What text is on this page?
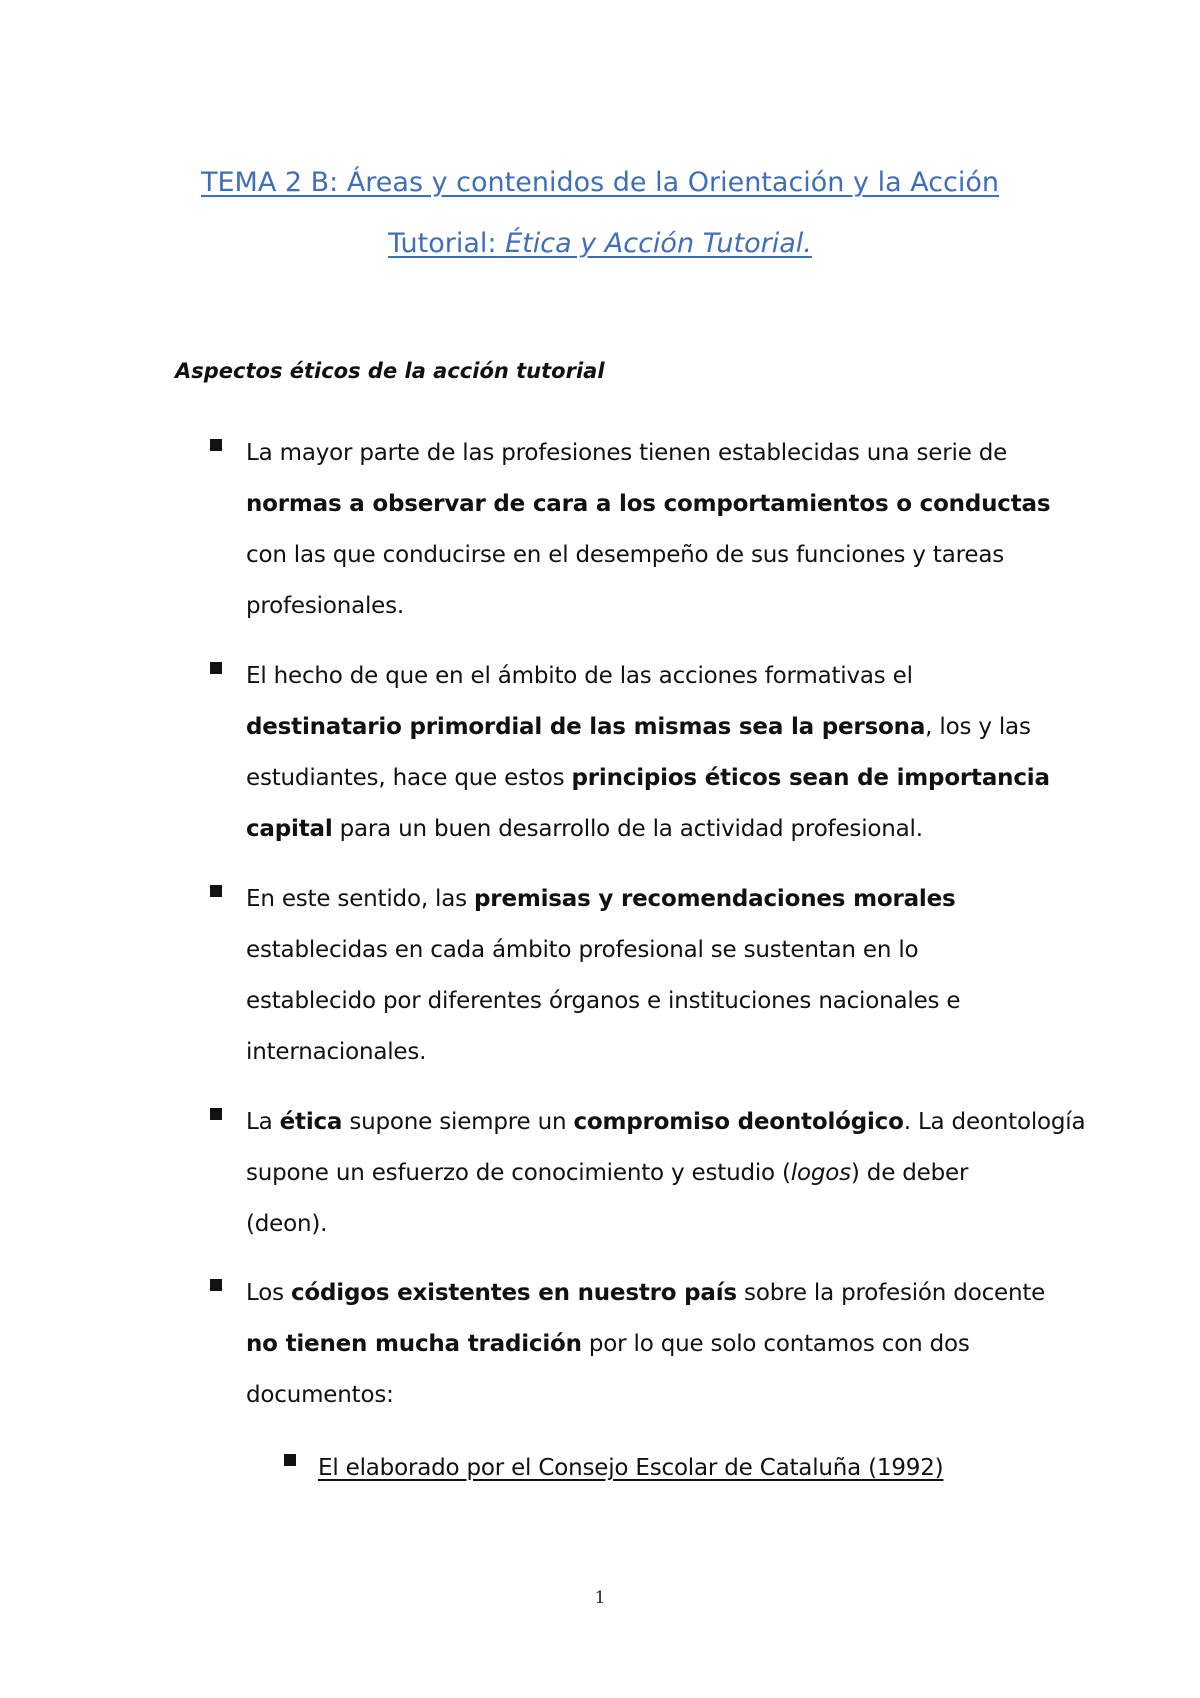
TEMA 2 B: Áreas y contenidos de la Orientación y la Acción
Tutorial: Ética y Acción Tutorial.
Aspectos éticos de la acción tutorial
La mayor parte de las profesiones tienen establecidas una serie de
normas a observar de cara a los comportamientos o conductas
con las que conducirse en el desempeño de sus funciones y tareas
profesionales.
El hecho de que en el ámbito de las acciones formativas el
destinatario primordial de las mismas sea la persona, los y las
estudiantes, hace que estos principios éticos sean de importancia
capital para un buen desarrollo de la actividad profesional.
En este sentido, las premisas y recomendaciones morales
establecidas en cada ámbito profesional se sustentan en lo
establecido por diferentes órganos e instituciones nacionales e
internacionales.
La ética supone siempre un compromiso deontológico. La deontología
supone un esfuerzo de conocimiento y estudio (logos) de deber
(deon).
Los códigos existentes en nuestro país sobre la profesión docente
no tienen mucha tradición por lo que solo contamos con dos
documentos:
El elaborado por el Consejo Escolar de Cataluña (1992)
1
